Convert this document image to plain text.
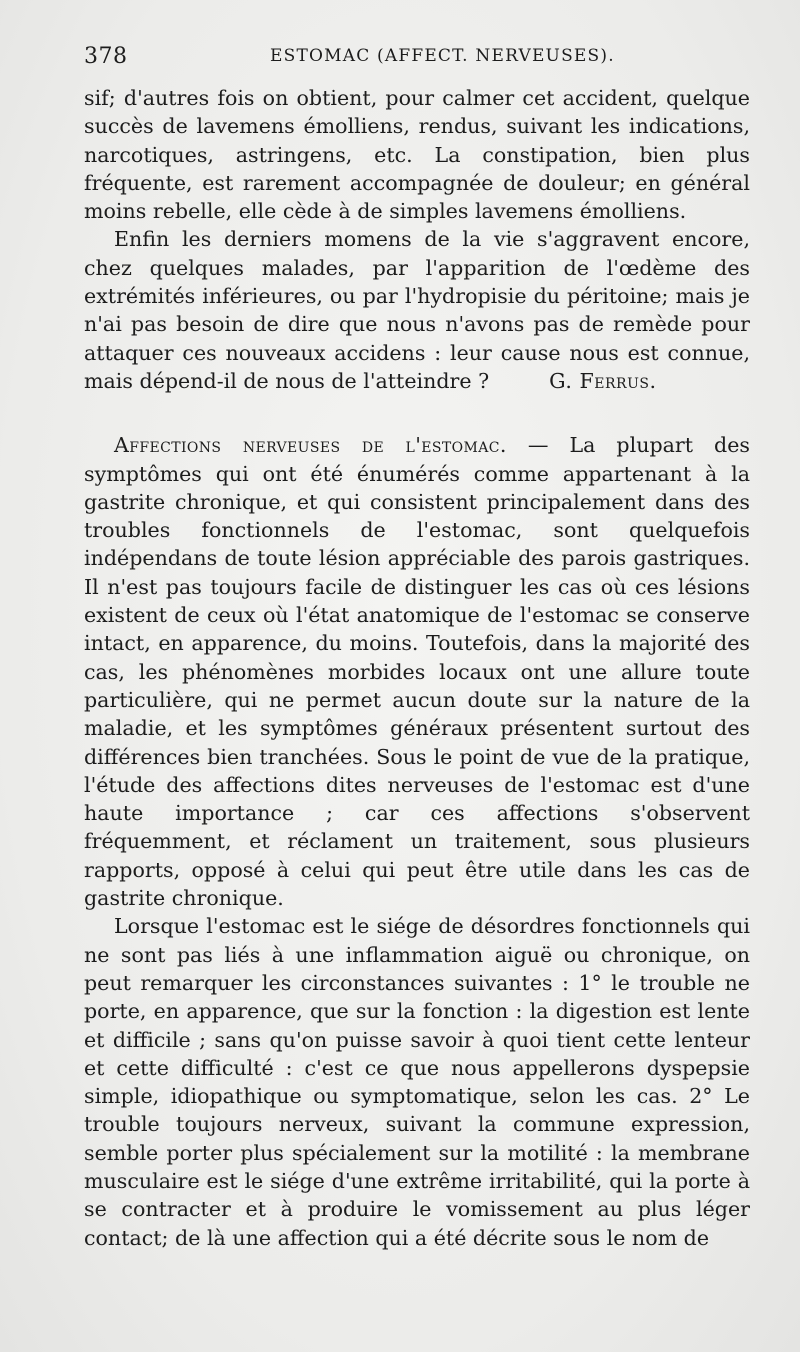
378	ESTOMAC (AFFECT. NERVEUSES).

sif; d'autres fois on obtient, pour calmer cet accident, quelque succès de lavemens émolliens, rendus, suivant les indications, narcotiques, astringens, etc. La constipation, bien plus fréquente, est rarement accompagnée de douleur; en général moins rebelle, elle cède à de simples lavemens émolliens.

Enfin les derniers momens de la vie s'aggravent encore, chez quelques malades, par l'apparition de l'œdème des extrémités inférieures, ou par l'hydropisie du péritoine; mais je n'ai pas besoin de dire que nous n'avons pas de remède pour attaquer ces nouveaux accidens : leur cause nous est connue, mais dépend-il de nous de l'atteindre ?	G. Ferrus.

Affections nerveuses de l'estomac. — La plupart des symptômes qui ont été énumérés comme appartenant à la gastrite chronique, et qui consistent principalement dans des troubles fonctionnels de l'estomac, sont quelquefois indépendans de toute lésion appréciable des parois gastriques. Il n'est pas toujours facile de distinguer les cas où ces lésions existent de ceux où l'état anatomique de l'estomac se conserve intact, en apparence, du moins. Toutefois, dans la majorité des cas, les phénomènes morbides locaux ont une allure toute particulière, qui ne permet aucun doute sur la nature de la maladie, et les symptômes généraux présentent surtout des différences bien tranchées. Sous le point de vue de la pratique, l'étude des affections dites nerveuses de l'estomac est d'une haute importance ; car ces affections s'observent fréquemment, et réclament un traitement, sous plusieurs rapports, opposé à celui qui peut être utile dans les cas de gastrite chronique.

Lorsque l'estomac est le siége de désordres fonctionnels qui ne sont pas liés à une inflammation aiguë ou chronique, on peut remarquer les circonstances suivantes : 1° le trouble ne porte, en apparence, que sur la fonction : la digestion est lente et difficile ; sans qu'on puisse savoir à quoi tient cette lenteur et cette difficulté : c'est ce que nous appellerons dyspepsie simple, idiopathique ou symptomatique, selon les cas. 2° Le trouble toujours nerveux, suivant la commune expression, semble porter plus spécialement sur la motilité : la membrane musculaire est le siége d'une extrême irritabilité, qui la porte à se contracter et à produire le vomissement au plus léger contact; de là une affection qui a été décrite sous le nom de
